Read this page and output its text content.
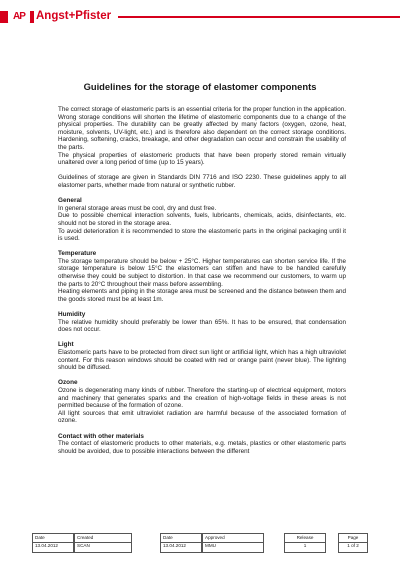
AP Angst+Pfister
Guidelines for the storage of elastomer components

The correct storage of elastomeric parts is an essential criteria for the proper function in the application. Wrong storage conditions will shorten the lifetime of elastomeric components due to a change of the physical properties. The durability can be greatly affected by many factors (oxygen, ozone, heat, moisture, solvents, UV-light, etc.) and is therefore also dependent on the correct storage conditions. Hardening, softening, cracks, breakage, and other degradation can occur and constrain the usability of the parts.

The physical properties of elastomeric products that have been properly stored remain virtually unaltered over a long period of time (up to 15 years).

Guidelines of storage are given in Standards DIN 7716 and ISO 2230. These guidelines apply to all elastomer parts, whether made from natural or synthetic rubber.

General

In general storage areas must be cool, dry and dust free.

Due to possible chemical interaction solvents, fuels, lubricants, chemicals, acids, disinfectants, etc. should not be stored in the storage area.

To avoid deterioration it is recommended to store the elastomeric parts in the original packaging until it is used.

Temperature

The storage temperature should be below + 25°C. Higher temperatures can shorten service life. If the storage temperature is below 15°C the elastomers can stiffen and have to be handled carefully otherwise they could be subject to distortion. In that case we recommend our customers, to warm up the parts to 20°C throughout their mass before assembling.

Heating elements and piping in the storage area must be screened and the distance between them and the goods stored must be at least 1m.

Humidity

The relative humidity should preferably be lower than 65%. It has to be ensured, that condensation does not occur.

Light

Elastomeric parts have to be protected from direct sun light or artificial light, which has a high ultraviolet content. For this reason windows should be coated with red or orange paint (never blue). The lighting should be diffused.

Ozone

Ozone is degenerating many kinds of rubber. Therefore the starting-up of electrical equipment, motors and machinery that generates sparks and the creation of high-voltage fields in these areas is not permitted because of the formation of ozone.

All light sources that emit ultraviolet radiation are harmful because of the associated formation of ozone.

Contact with other materials

The contact of elastomeric products to other materials, e.g. metals, plastics or other elastomeric parts should be avoided, due to possible interactions between the different

Date
13.04.2012
Created
SCAN
Date
13.04.2012
Approved
MMU
Release
1
Page
1 of 2
